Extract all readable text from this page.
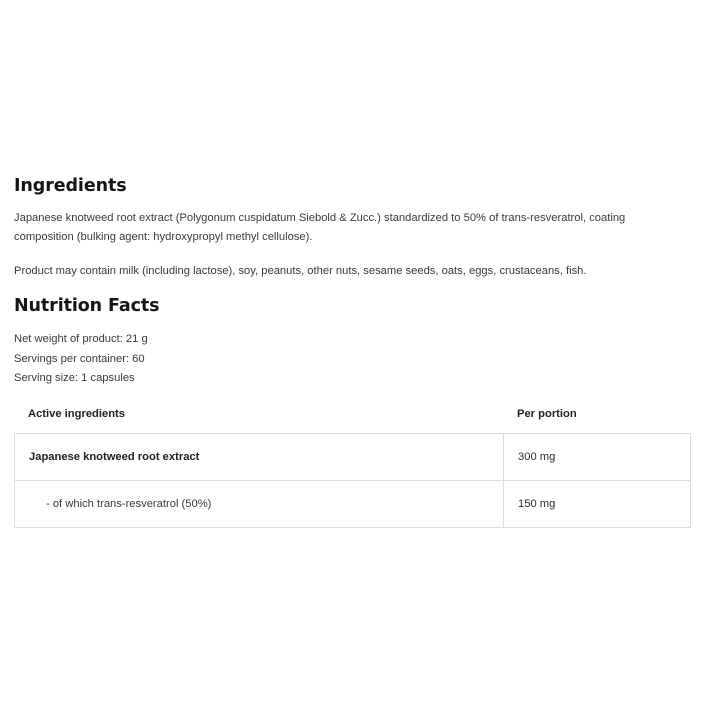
Ingredients

Japanese knotweed root extract (Polygonum cuspidatum Siebold & Zucc.) standardized to 50% of trans-resveratrol, coating composition (bulking agent: hydroxypropyl methyl cellulose).

Product may contain milk (including lactose), soy, peanuts, other nuts, sesame seeds, oats, eggs, crustaceans, fish.

Nutrition Facts
Net weight of product: 21 g
Servings per container: 60
Serving size: 1 capsules
Active ingredients	Per portion
Japanese knotweed root extract	300 mg
- of which trans-resveratrol (50%)	150 mg
